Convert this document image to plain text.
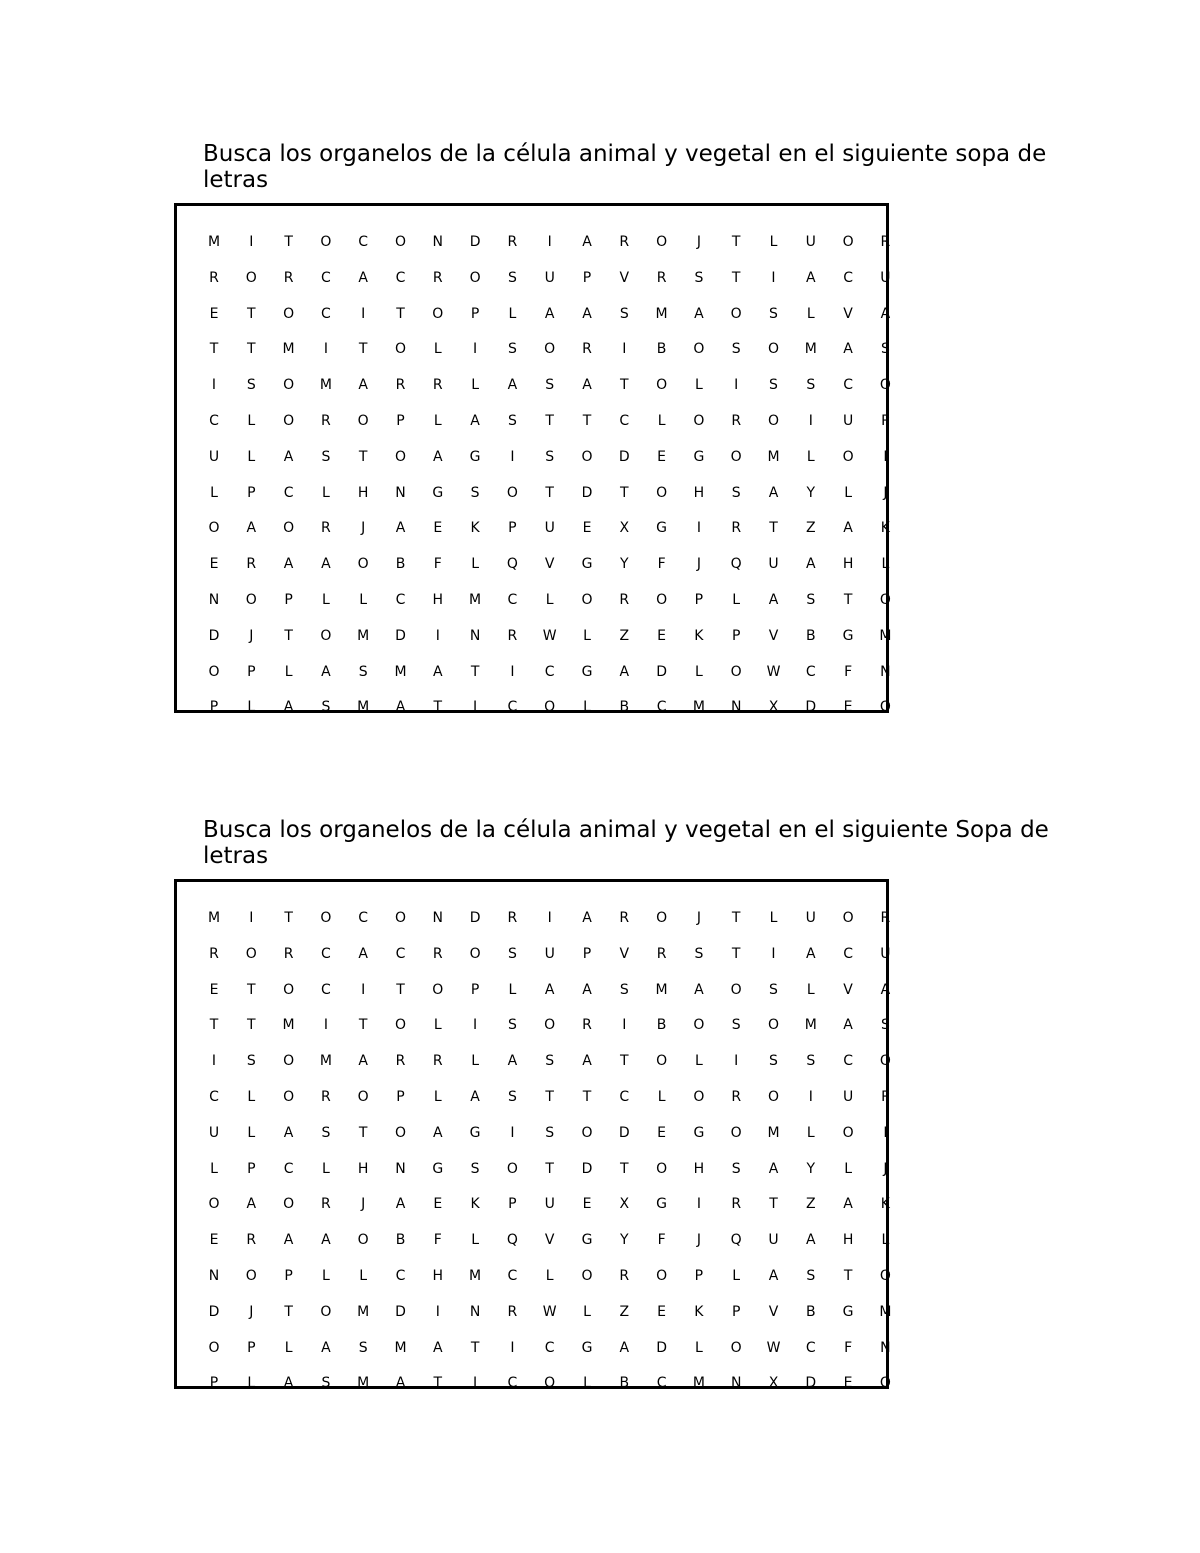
Busca los organelos de la célula animal y vegetal en el siguiente sopa de letras

M	I	T	O	C	O	N	D	R	I	A	R	O	J	T	L	U	O	R
R	O	R	C	A	C	R	O	S	U	P	V	R	S	T	I	A	C	U
E	T	O	C	I	T	O	P	L	A	A	S	M	A	O	S	L	V	A
T	T	M	I	T	O	L	I	S	O	R	I	B	O	S	O	M	A	S
I	S	O	M	A	R	R	L	A	S	A	T	O	L	I	S	S	C	O
C	L	O	R	O	P	L	A	S	T	T	C	L	O	R	O	I	U	P
U	L	A	S	T	O	A	G	I	S	O	D	E	G	O	M	L	O	I
L	P	C	L	H	N	G	S	O	T	D	T	O	H	S	A	Y	L	J
O	A	O	R	J	A	E	K	P	U	E	X	G	I	R	T	Z	A	K
E	R	A	A	O	B	F	L	Q	V	G	Y	F	J	Q	U	A	H	L
N	O	P	L	L	C	H	M	C	L	O	R	O	P	L	A	S	T	O
D	J	T	O	M	D	I	N	R	W	L	Z	E	K	P	V	B	G	M
O	P	L	A	S	M	A	T	I	C	G	A	D	L	O	W	C	F	N
P	L	A	S	M	A	T	I	C	O	L	B	C	M	N	X	D	E	O

Busca los organelos de la célula animal y vegetal en el siguiente Sopa de letras

M	I	T	O	C	O	N	D	R	I	A	R	O	J	T	L	U	O	R
R	O	R	C	A	C	R	O	S	U	P	V	R	S	T	I	A	C	U
E	T	O	C	I	T	O	P	L	A	A	S	M	A	O	S	L	V	A
T	T	M	I	T	O	L	I	S	O	R	I	B	O	S	O	M	A	S
I	S	O	M	A	R	R	L	A	S	A	T	O	L	I	S	S	C	O
C	L	O	R	O	P	L	A	S	T	T	C	L	O	R	O	I	U	P
U	L	A	S	T	O	A	G	I	S	O	D	E	G	O	M	L	O	I
L	P	C	L	H	N	G	S	O	T	D	T	O	H	S	A	Y	L	J
O	A	O	R	J	A	E	K	P	U	E	X	G	I	R	T	Z	A	K
E	R	A	A	O	B	F	L	Q	V	G	Y	F	J	Q	U	A	H	L
N	O	P	L	L	C	H	M	C	L	O	R	O	P	L	A	S	T	O
D	J	T	O	M	D	I	N	R	W	L	Z	E	K	P	V	B	G	M
O	P	L	A	S	M	A	T	I	C	G	A	D	L	O	W	C	F	N
P	L	A	S	M	A	T	I	C	O	L	B	C	M	N	X	D	E	O
